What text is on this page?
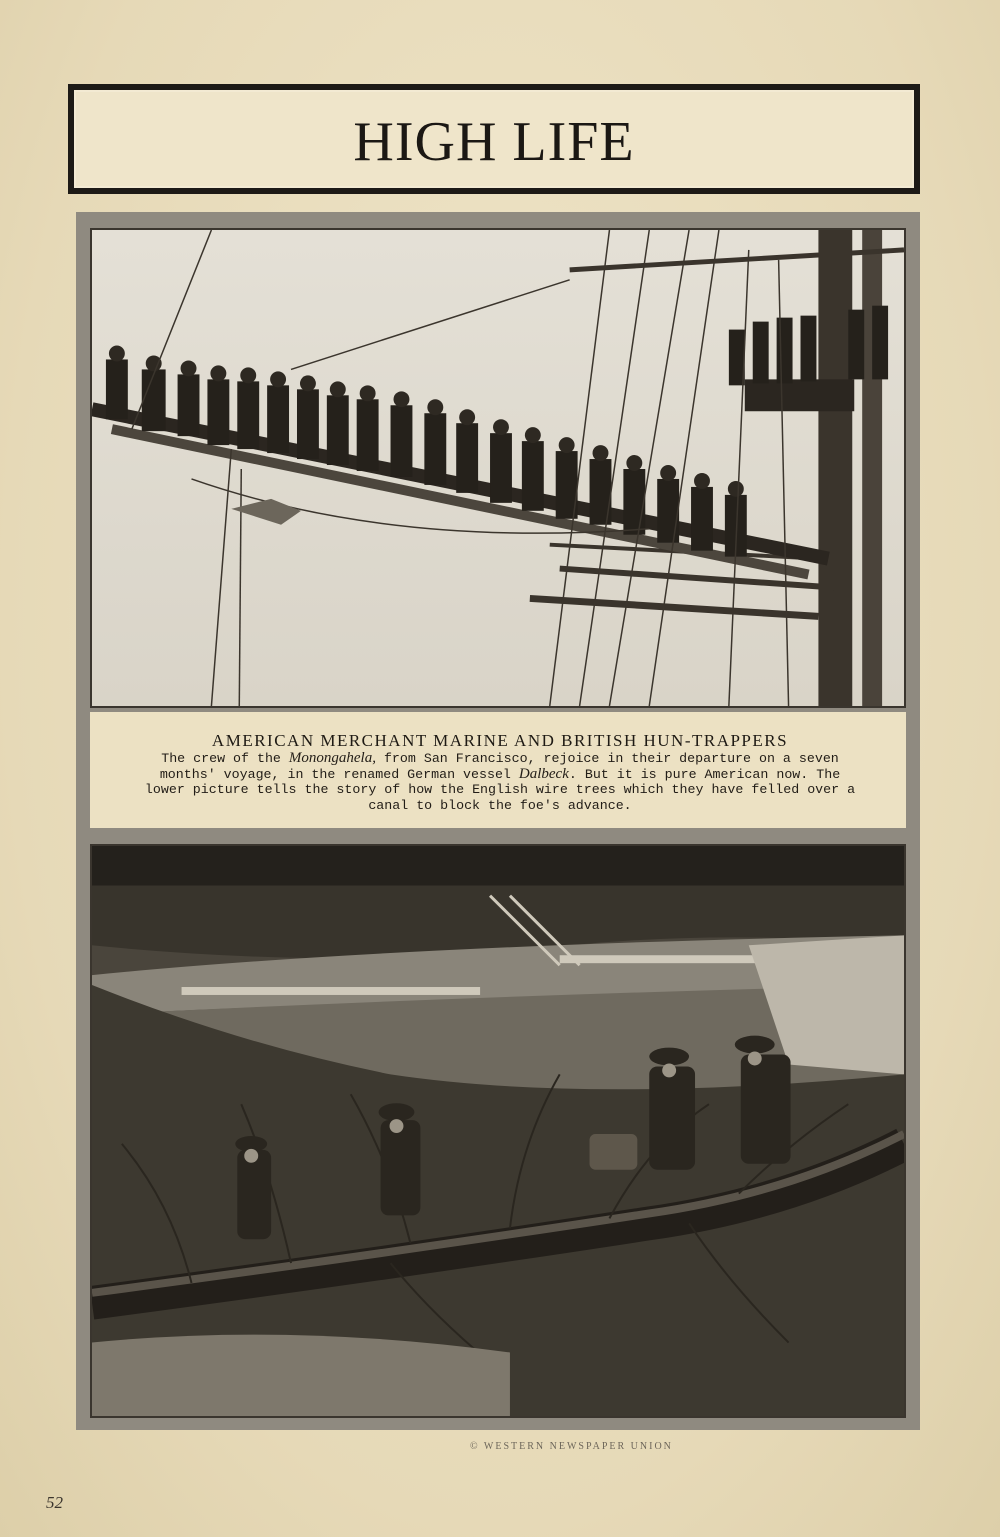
HIGH LIFE
AMERICAN MERCHANT MARINE AND BRITISH HUN-TRAPPERS
The crew of the Monongahela, from San Francisco, rejoice in their departure on a seven
months' voyage, in the renamed German vessel Dalbeck. But it is pure American now. The
lower picture tells the story of how the English wire trees which they have felled over a
canal to block the foe's advance.
© WESTERN NEWSPAPER UNION
52
